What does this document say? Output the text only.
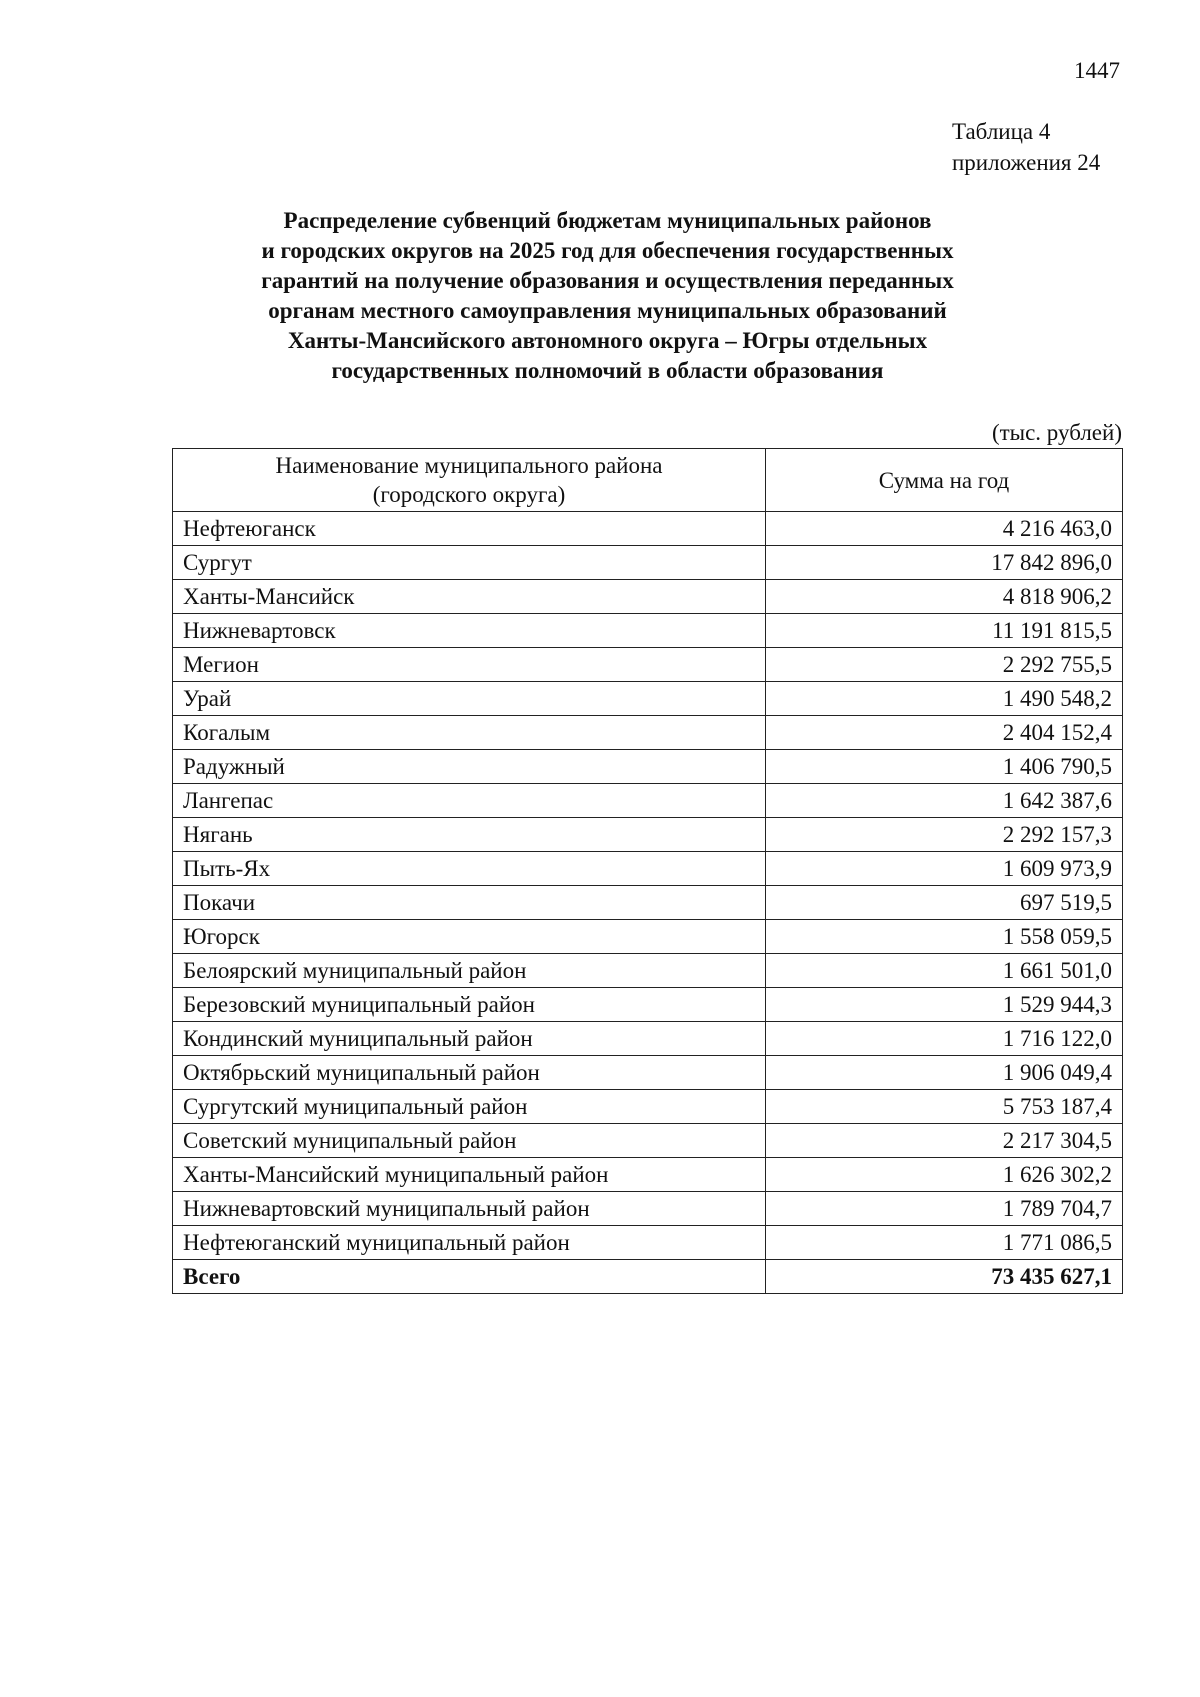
1447
Таблица 4
приложения 24
Распределение субвенций бюджетам муниципальных районов
и городских округов на 2025 год для обеспечения государственных
гарантий на получение образования и осуществления переданных
органам местного самоуправления муниципальных образований
Ханты-Мансийского автономного округа – Югры отдельных
государственных полномочий в области образования
(тыс. рублей)
Наименование муниципального района
(городского округа)	Сумма на год
Нефтеюганск	4 216 463,0
Сургут	17 842 896,0
Ханты-Мансийск	4 818 906,2
Нижневартовск	11 191 815,5
Мегион	2 292 755,5
Урай	1 490 548,2
Когалым	2 404 152,4
Радужный	1 406 790,5
Лангепас	1 642 387,6
Нягань	2 292 157,3
Пыть-Ях	1 609 973,9
Покачи	697 519,5
Югорск	1 558 059,5
Белоярский муниципальный район	1 661 501,0
Березовский муниципальный район	1 529 944,3
Кондинский муниципальный район	1 716 122,0
Октябрьский муниципальный район	1 906 049,4
Сургутский муниципальный район	5 753 187,4
Советский муниципальный район	2 217 304,5
Ханты-Мансийский муниципальный район	1 626 302,2
Нижневартовский муниципальный район	1 789 704,7
Нефтеюганский муниципальный район	1 771 086,5
Всего	73 435 627,1
